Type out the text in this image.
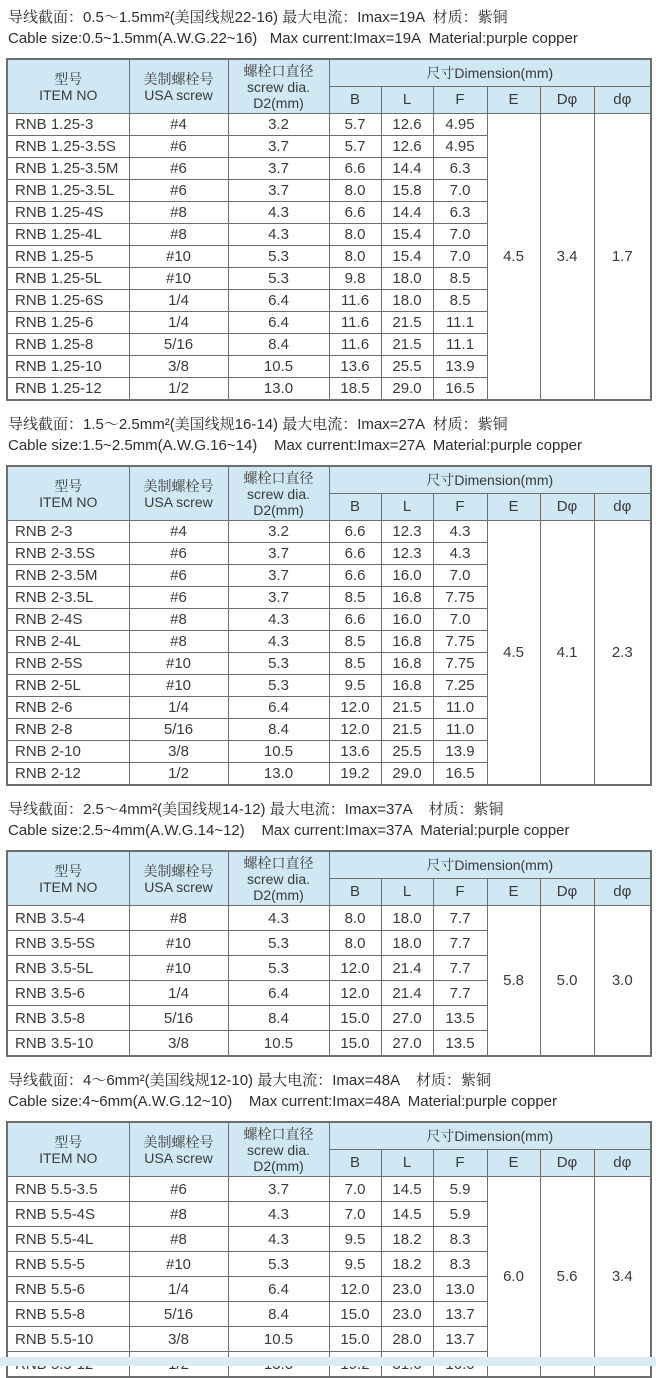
导线截面：0.5～1.5mm²(美国线规22-16) 最大电流：Imax=19A  材质：紫铜

Cable size:0.5~1.5mm(A.W.G.22~16)   Max current:Imax=19A  Material:purple copper

型号
ITEM NO	美制螺栓号
USA screw	螺栓口直径
screw dia.
D2(mm)	尺寸Dimension(mm)					
			B	L	F	E	Dφ	dφ
RNB 1.25-3	#4	3.2	5.7	12.6	4.95	4.5	3.4	1.7
RNB 1.25-3.5S	#6	3.7	5.7	12.6	4.95			
RNB 1.25-3.5M	#6	3.7	6.6	14.4	6.3			
RNB 1.25-3.5L	#6	3.7	8.0	15.8	7.0			
RNB 1.25-4S	#8	4.3	6.6	14.4	6.3			
RNB 1.25-4L	#8	4.3	8.0	15.4	7.0			
RNB 1.25-5	#10	5.3	8.0	15.4	7.0			
RNB 1.25-5L	#10	5.3	9.8	18.0	8.5			
RNB 1.25-6S	1/4	6.4	11.6	18.0	8.5			
RNB 1.25-6	1/4	6.4	11.6	21.5	11.1			
RNB 1.25-8	5/16	8.4	11.6	21.5	11.1			
RNB 1.25-10	3/8	10.5	13.6	25.5	13.9			
RNB 1.25-12	1/2	13.0	18.5	29.0	16.5			

导线截面：1.5～2.5mm²(美国线规16-14) 最大电流：Imax=27A  材质：紫铜

Cable size:1.5~2.5mm(A.W.G.16~14)    Max current:Imax=27A  Material:purple copper

型号
ITEM NO	美制螺栓号
USA screw	螺栓口直径
screw dia.
D2(mm)	尺寸Dimension(mm)					
			B	L	F	E	Dφ	dφ
RNB 2-3	#4	3.2	6.6	12.3	4.3	4.5	4.1	2.3
RNB 2-3.5S	#6	3.7	6.6	12.3	4.3			
RNB 2-3.5M	#6	3.7	6.6	16.0	7.0			
RNB 2-3.5L	#6	3.7	8.5	16.8	7.75			
RNB 2-4S	#8	4.3	6.6	16.0	7.0			
RNB 2-4L	#8	4.3	8.5	16.8	7.75			
RNB 2-5S	#10	5.3	8.5	16.8	7.75			
RNB 2-5L	#10	5.3	9.5	16.8	7.25			
RNB 2-6	1/4	6.4	12.0	21.5	11.0			
RNB 2-8	5/16	8.4	12.0	21.5	11.0			
RNB 2-10	3/8	10.5	13.6	25.5	13.9			
RNB 2-12	1/2	13.0	19.2	29.0	16.5			

导线截面：2.5～4mm²(美国线规14-12) 最大电流：Imax=37A    材质：紫铜

Cable size:2.5~4mm(A.W.G.14~12)    Max current:Imax=37A  Material:purple copper

型号
ITEM NO	美制螺栓号
USA screw	螺栓口直径
screw dia.
D2(mm)	尺寸Dimension(mm)					
			B	L	F	E	Dφ	dφ
RNB 3.5-4	#8	4.3	8.0	18.0	7.7	5.8	5.0	3.0
RNB 3.5-5S	#10	5.3	8.0	18.0	7.7			
RNB 3.5-5L	#10	5.3	12.0	21.4	7.7			
RNB 3.5-6	1/4	6.4	12.0	21.4	7.7			
RNB 3.5-8	5/16	8.4	15.0	27.0	13.5			
RNB 3.5-10	3/8	10.5	15.0	27.0	13.5			

导线截面：4～6mm²(美国线规12-10) 最大电流：Imax=48A    材质：紫铜

Cable size:4~6mm(A.W.G.12~10)    Max current:Imax=48A  Material:purple copper

型号
ITEM NO	美制螺栓号
USA screw	螺栓口直径
screw dia.
D2(mm)	尺寸Dimension(mm)					
			B	L	F	E	Dφ	dφ
RNB 5.5-3.5	#6	3.7	7.0	14.5	5.9	6.0	5.6	3.4
RNB 5.5-4S	#8	4.3	7.0	14.5	5.9			
RNB 5.5-4L	#8	4.3	9.5	18.2	8.3			
RNB 5.5-5	#10	5.3	9.5	18.2	8.3			
RNB 5.5-6	1/4	6.4	12.0	23.0	13.0			
RNB 5.5-8	5/16	8.4	15.0	23.0	13.7			
RNB 5.5-10	3/8	10.5	15.0	28.0	13.7			
